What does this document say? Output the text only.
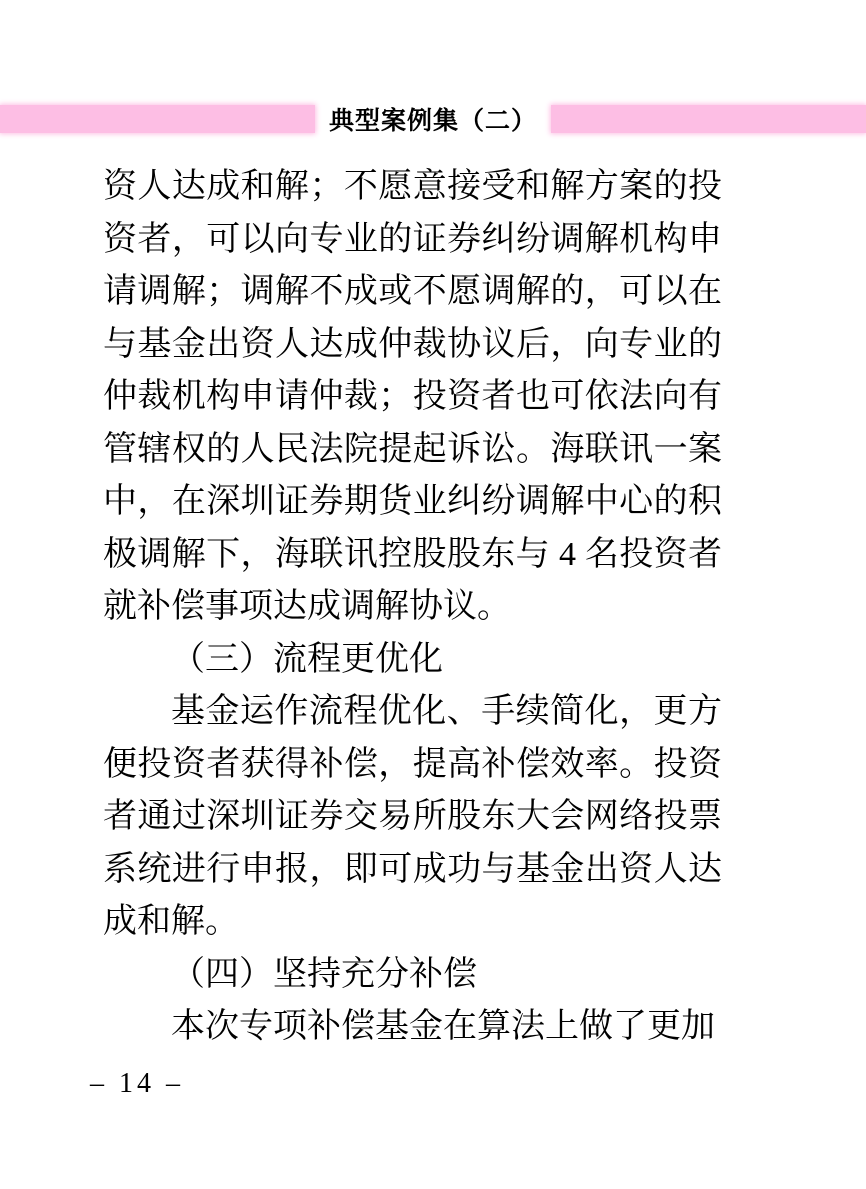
典型案例集（二）
资人达成和解；不愿意接受和解方案的投
资者，可以向专业的证券纠纷调解机构申
请调解；调解不成或不愿调解的，可以在
与基金出资人达成仲裁协议后，向专业的
仲裁机构申请仲裁；投资者也可依法向有
管辖权的人民法院提起诉讼。海联讯一案
中，在深圳证券期货业纠纷调解中心的积
极调解下，海联讯控股股东与 4 名投资者
就补偿事项达成调解协议。
（三）流程更优化
基金运作流程优化、手续简化，更方
便投资者获得补偿，提高补偿效率。投资
者通过深圳证券交易所股东大会网络投票
系统进行申报，即可成功与基金出资人达
成和解。
（四）坚持充分补偿
本次专项补偿基金在算法上做了更加
– 14 –
